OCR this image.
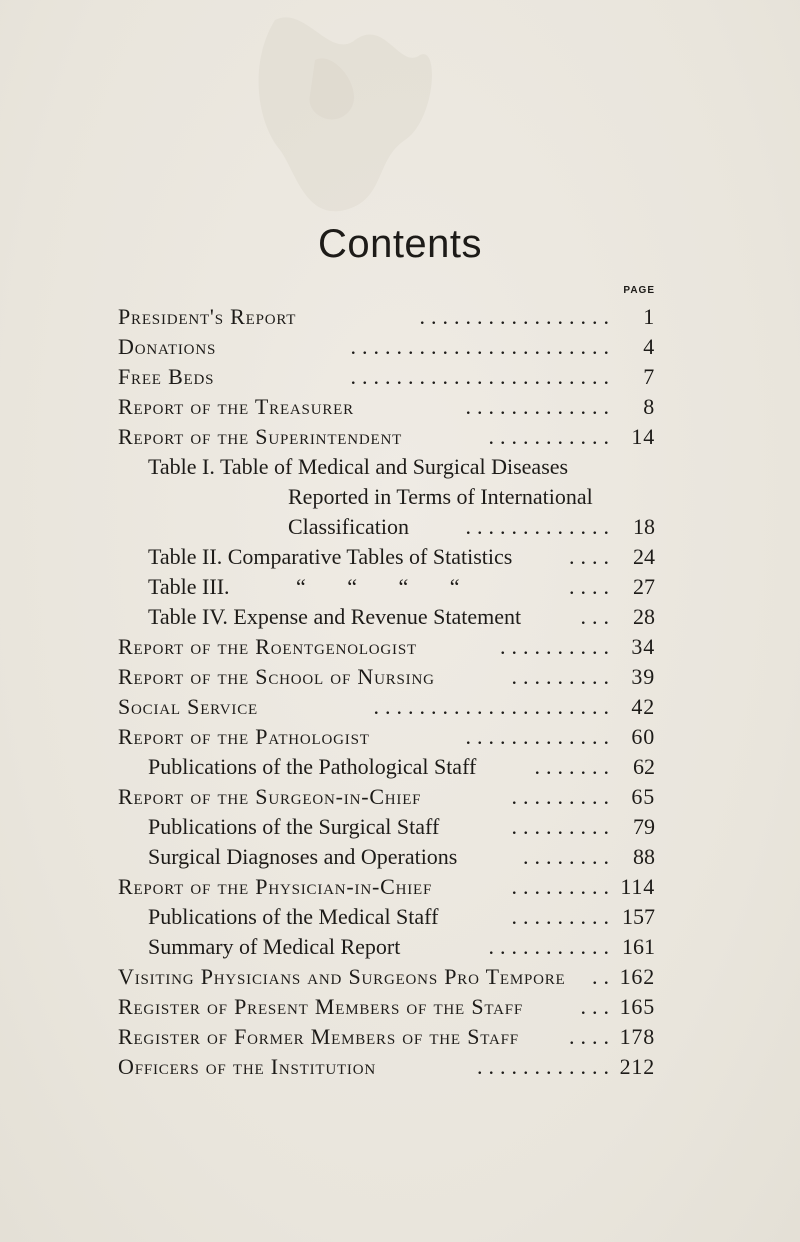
Contents
PAGE
President's Report	.................	1
Donations	.......................	4
Free Beds	.......................	7
Report of the Treasurer	.............	8
Report of the Superintendent	........... 14
Table I. Table of Medical and Surgical Diseases
Reported in Terms of International
Classification	............. 18
Table II. Comparative Tables of Statistics	.... 24
Table III.	“ “ “ “	.... 27
Table IV. Expense and Revenue Statement	... 28
Report of the Roentgenologist	.......... 34
Report of the School of Nursing	......... 39
Social Service	..................... 42
Report of the Pathologist	............. 60
Publications of the Pathological Staff	....... 62
Report of the Surgeon-in-Chief	......... 65
Publications of the Surgical Staff	......... 79
Surgical Diagnoses and Operations	........ 88
Report of the Physician-in-Chief	......... 114
Publications of the Medical Staff	......... 157
Summary of Medical Report	........... 161
Visiting Physicians and Surgeons Pro Tempore .. 162
Register of Present Members of the Staff	... 165
Register of Former Members of the Staff .... 178
Officers of the Institution	............ 212
